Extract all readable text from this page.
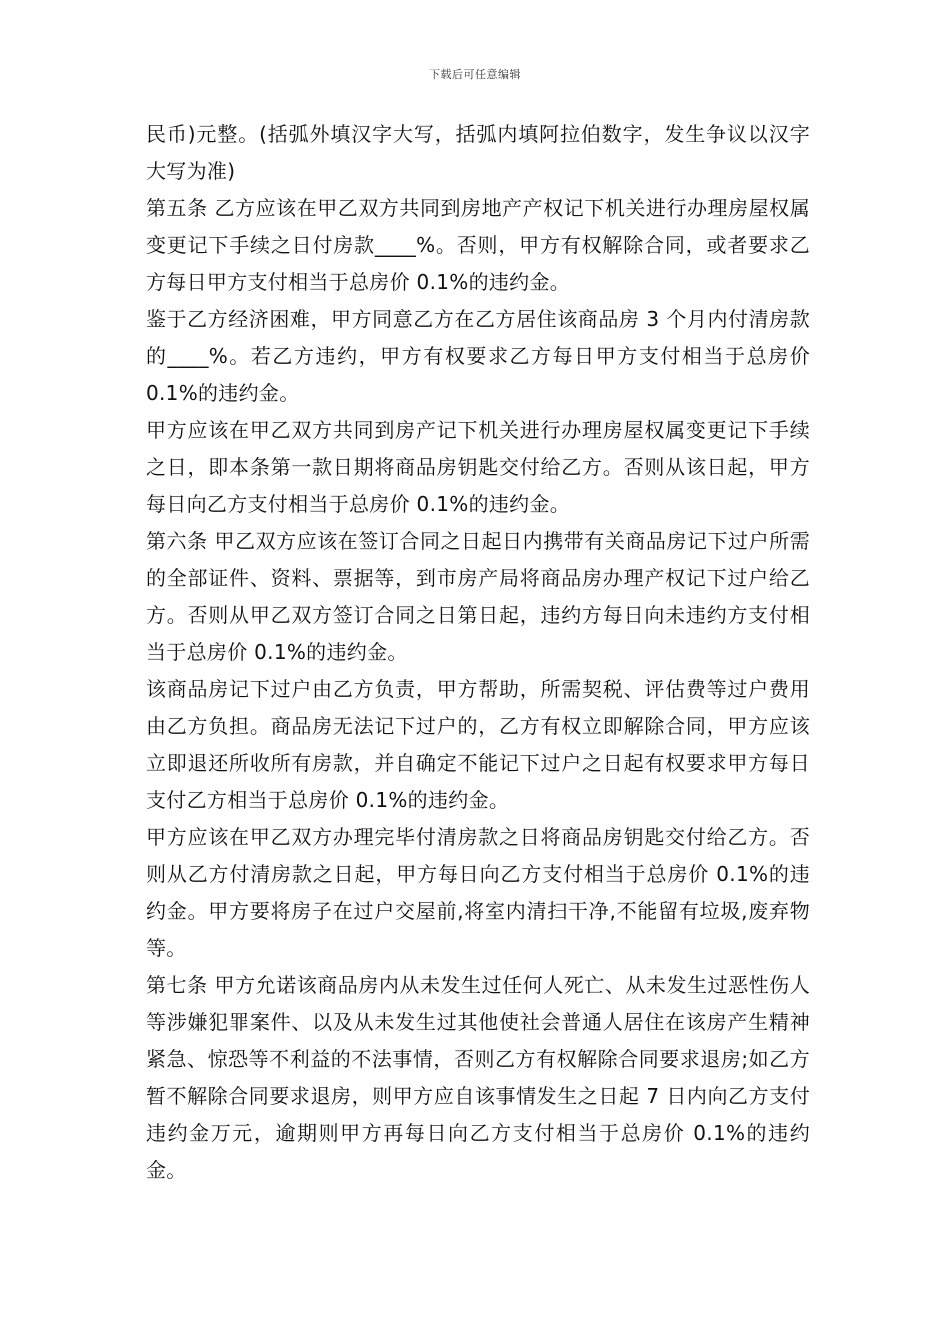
下载后可任意编辑

民币)元整。(括弧外填汉字大写，括弧内填阿拉伯数字，发生争议以汉字大写为准)

第五条 乙方应该在甲乙双方共同到房地产产权记下机关进行办理房屋权属变更记下手续之日付房款____%。否则，甲方有权解除合同，或者要求乙方每日甲方支付相当于总房价 0.1%的违约金。

鉴于乙方经济困难，甲方同意乙方在乙方居住该商品房 3 个月内付清房款的____%。若乙方违约，甲方有权要求乙方每日甲方支付相当于总房价 0.1%的违约金。

甲方应该在甲乙双方共同到房产记下机关进行办理房屋权属变更记下手续之日，即本条第一款日期将商品房钥匙交付给乙方。否则从该日起，甲方每日向乙方支付相当于总房价 0.1%的违约金。

第六条 甲乙双方应该在签订合同之日起日内携带有关商品房记下过户所需的全部证件、资料、票据等，到市房产局将商品房办理产权记下过户给乙方。否则从甲乙双方签订合同之日第日起，违约方每日向未违约方支付相当于总房价 0.1%的违约金。

该商品房记下过户由乙方负责，甲方帮助，所需契税、评估费等过户费用由乙方负担。商品房无法记下过户的，乙方有权立即解除合同，甲方应该立即退还所收所有房款，并自确定不能记下过户之日起有权要求甲方每日支付乙方相当于总房价 0.1%的违约金。

甲方应该在甲乙双方办理完毕付清房款之日将商品房钥匙交付给乙方。否则从乙方付清房款之日起，甲方每日向乙方支付相当于总房价 0.1%的违约金。甲方要将房子在过户交屋前,将室内清扫干净,不能留有垃圾,废弃物等。

第七条 甲方允诺该商品房内从未发生过任何人死亡、从未发生过恶性伤人等涉嫌犯罪案件、以及从未发生过其他使社会普通人居住在该房产生精神紧急、惊恐等不利益的不法事情，否则乙方有权解除合同要求退房;如乙方暂不解除合同要求退房，则甲方应自该事情发生之日起 7 日内向乙方支付违约金万元，逾期则甲方再每日向乙方支付相当于总房价 0.1%的违约金。
